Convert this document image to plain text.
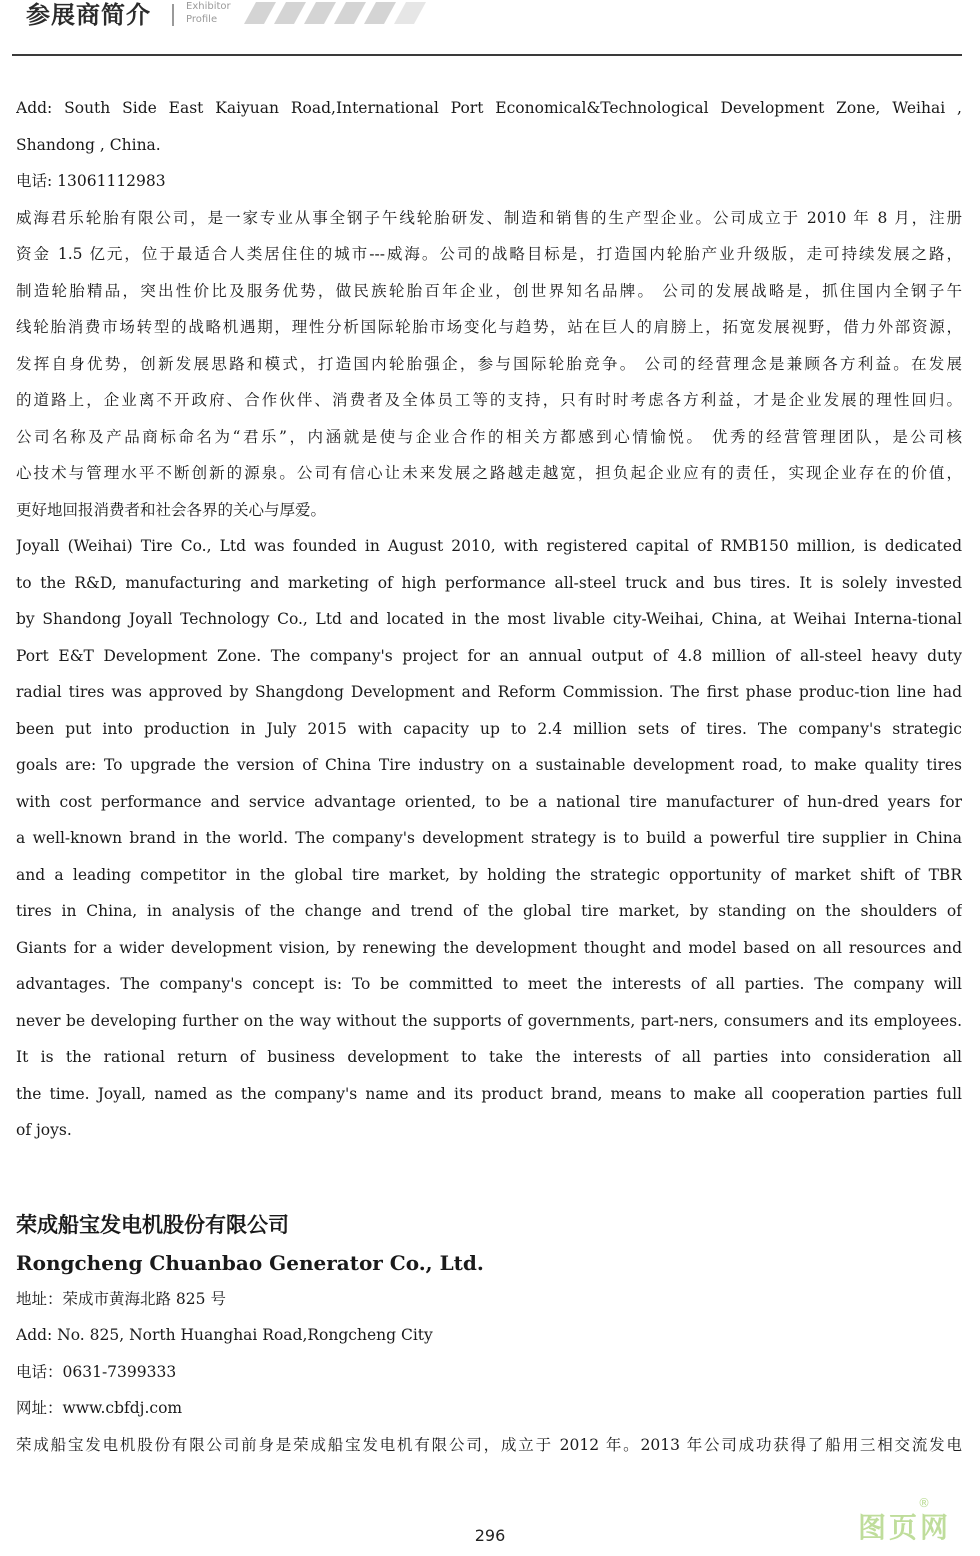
参展商简介	Exhibitor
Profile
Add: South Side East Kaiyuan Road,International Port Economical&Technological Development Zone, Weihai ,
Shandong , China.
电话: 13061112983
威海君乐轮胎有限公司，是一家专业从事全钢子午线轮胎研发、制造和销售的生产型企业。公司成立于 2010 年 8 月，注册
资金 1.5 亿元，位于最适合人类居住住的城市---威海。公司的战略目标是，打造国内轮胎产业升级版，走可持续发展之路，
制造轮胎精品，突出性价比及服务优势，做民族轮胎百年企业，创世界知名品牌。 公司的发展战略是，抓住国内全钢子午
线轮胎消费市场转型的战略机遇期，理性分析国际轮胎市场变化与趋势，站在巨人的肩膀上，拓宽发展视野，借力外部资源，
发挥自身优势，创新发展思路和模式，打造国内轮胎强企，参与国际轮胎竞争。 公司的经营理念是兼顾各方利益。在发展
的道路上，企业离不开政府、合作伙伴、消费者及全体员工等的支持，只有时时考虑各方利益，才是企业发展的理性回归。
公司名称及产品商标命名为“君乐”，内涵就是使与企业合作的相关方都感到心情愉悦。 优秀的经营管理团队，是公司核
心技术与管理水平不断创新的源泉。公司有信心让未来发展之路越走越宽，担负起企业应有的责任，实现企业存在的价值，
更好地回报消费者和社会各界的关心与厚爱。
Joyall (Weihai) Tire Co., Ltd was founded in August 2010, with registered capital of RMB150 million, is dedicated
to the R&D, manufacturing and marketing of high performance all-steel truck and bus tires. It is solely invested
by Shandong Joyall Technology Co., Ltd and located in the most livable city-Weihai, China, at Weihai Interna-tional
Port E&T Development Zone. The company's project for an annual output of 4.8 million of all-steel heavy duty
radial tires was approved by Shangdong Development and Reform Commission. The first phase produc-tion line had
been put into production in July 2015 with capacity up to 2.4 million sets of tires. The company's strategic
goals are: To upgrade the version of China Tire industry on a sustainable development road, to make quality tires
with cost performance and service advantage oriented, to be a national tire manufacturer of hun-dred years for
a well-known brand in the world. The company's development strategy is to build a powerful tire supplier in China
and a leading competitor in the global tire market, by holding the strategic opportunity of market shift of TBR
tires in China, in analysis of the change and trend of the global tire market, by standing on the shoulders of
Giants for a wider development vision, by renewing the development thought and model based on all resources and
advantages. The company's concept is: To be committed to meet the interests of all parties. The company will
never be developing further on the way without the supports of governments, part-ners, consumers and its employees.
It is the rational return of business development to take the interests of all parties into consideration all
the time. Joyall, named as the company's name and its product brand, means to make all cooperation parties full
of joys.
荣成船宝发电机股份有限公司
Rongcheng Chuanbao Generator Co., Ltd.
地址：荣成市黄海北路 825 号
Add: No. 825, North Huanghai Road,Rongcheng City
电话：0631-7399333
网址：www.cbfdj.com
荣成船宝发电机股份有限公司前身是荣成船宝发电机有限公司，成立于 2012 年。2013 年公司成功获得了船用三相交流发电
296	图页网
®
